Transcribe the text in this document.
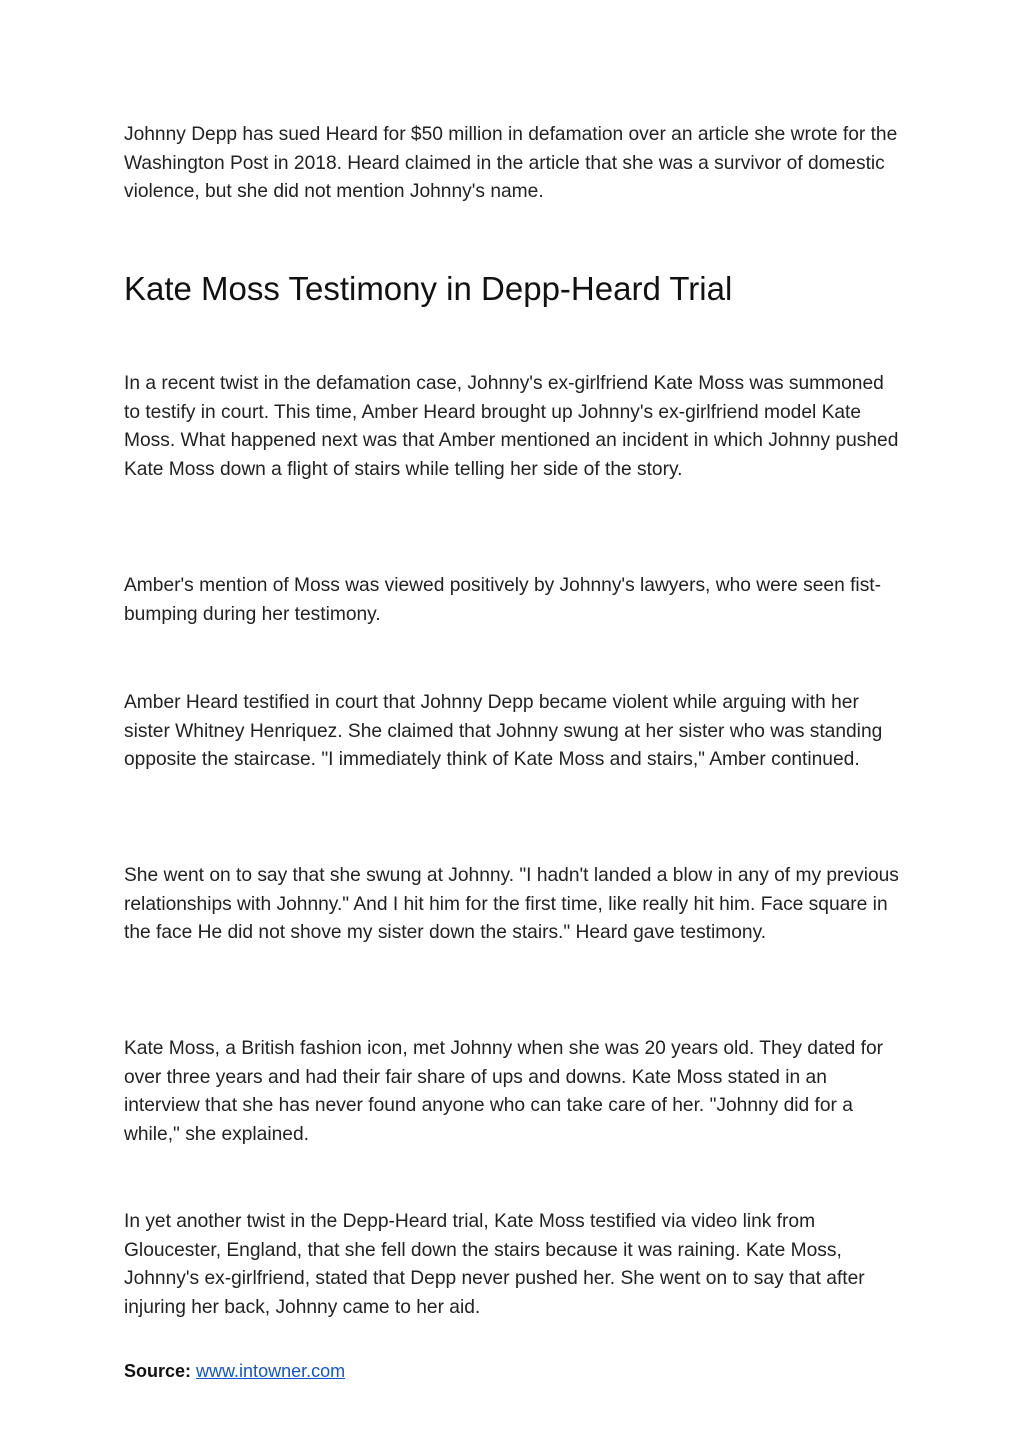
Johnny Depp has sued Heard for $50 million in defamation over an article she wrote for the Washington Post in 2018. Heard claimed in the article that she was a survivor of domestic violence, but she did not mention Johnny's name.

Kate Moss Testimony in Depp-Heard Trial

In a recent twist in the defamation case, Johnny's ex-girlfriend Kate Moss was summoned to testify in court. This time, Amber Heard brought up Johnny's ex-girlfriend model Kate Moss. What happened next was that Amber mentioned an incident in which Johnny pushed Kate Moss down a flight of stairs while telling her side of the story.

Amber's mention of Moss was viewed positively by Johnny's lawyers, who were seen fist-bumping during her testimony.

Amber Heard testified in court that Johnny Depp became violent while arguing with her sister Whitney Henriquez. She claimed that Johnny swung at her sister who was standing opposite the staircase. "I immediately think of Kate Moss and stairs," Amber continued.

She went on to say that she swung at Johnny. "I hadn't landed a blow in any of my previous relationships with Johnny." And I hit him for the first time, like really hit him. Face square in the face He did not shove my sister down the stairs." Heard gave testimony.

Kate Moss, a British fashion icon, met Johnny when she was 20 years old. They dated for over three years and had their fair share of ups and downs. Kate Moss stated in an interview that she has never found anyone who can take care of her. "Johnny did for a while," she explained.

In yet another twist in the Depp-Heard trial, Kate Moss testified via video link from Gloucester, England, that she fell down the stairs because it was raining. Kate Moss, Johnny's ex-girlfriend, stated that Depp never pushed her. She went on to say that after injuring her back, Johnny came to her aid.

Source: www.intowner.com
